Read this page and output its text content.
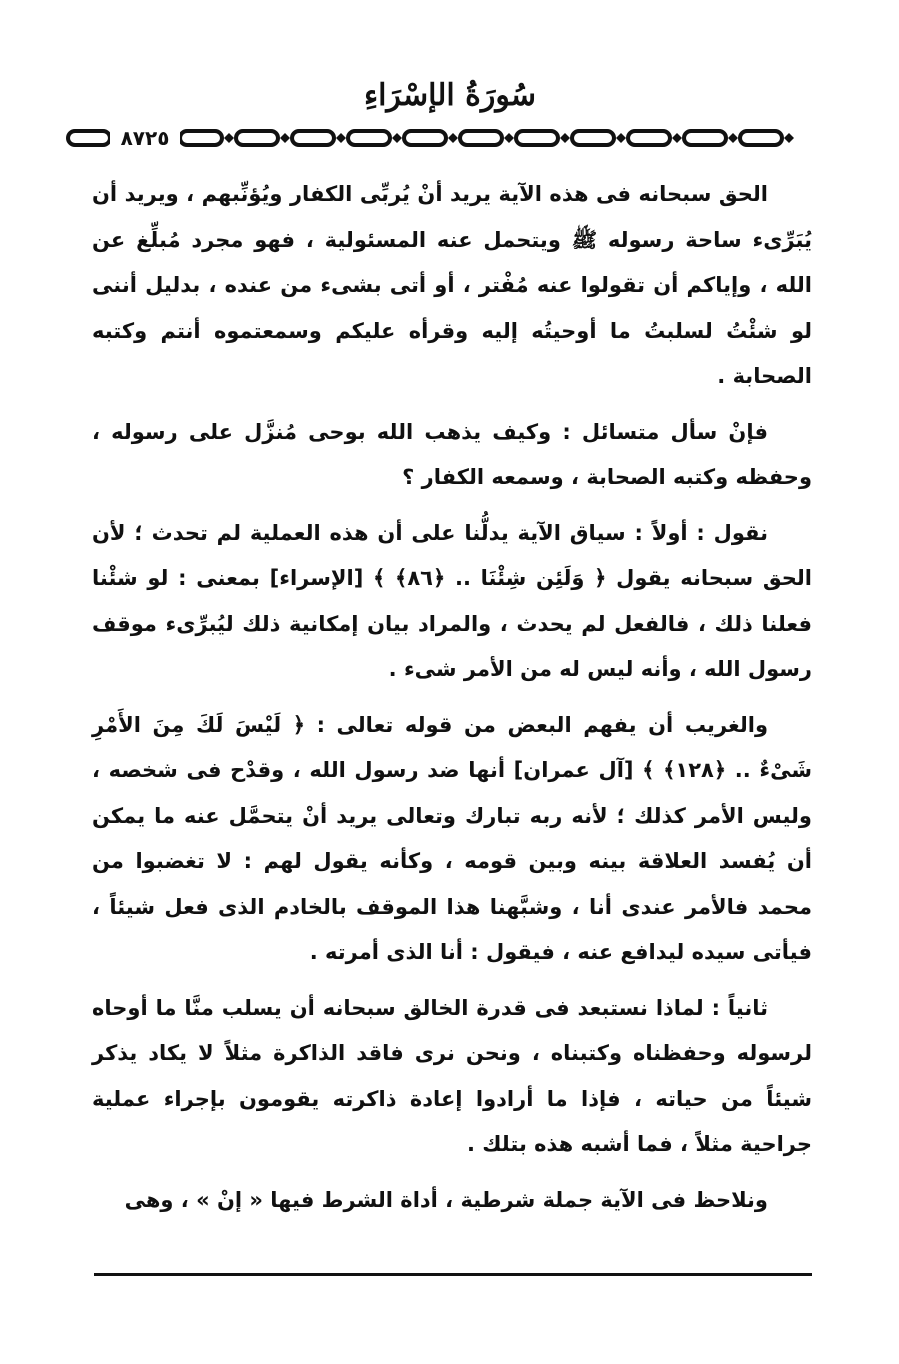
سُورَةُ الإسْرَاءِ
٨٧٢٥

الحق سبحانه فى هذه الآية يريد أنْ يُربِّى الكفار ويُؤنِّبهم ، ويريد أن يُبَرِّىء ساحة رسوله ﷺ ويتحمل عنه المسئولية ، فهو مجرد مُبلِّغ عن الله ، وإياكم أن تقولوا عنه مُفْتر ، أو أتى بشىء من عنده ، بدليل أننى لو شئْتُ لسلبتُ ما أوحيتُه إليه وقرأه عليكم وسمعتموه أنتم وكتبه الصحابة .

فإنْ سأل متسائل : وكيف يذهب الله بوحى مُنزَّل على رسوله ، وحفظه وكتبه الصحابة ، وسمعه الكفار ؟

نقول : أولاً : سياق الآية يدلُّنا على أن هذه العملية لم تحدث ؛ لأن الحق سبحانه يقول ﴿ وَلَئِن شِئْنَا .. ﴿٨٦﴾ ﴾ [الإسراء] بمعنى : لو شئْنا فعلنا ذلك ، فالفعل لم يحدث ، والمراد بيان إمكانية ذلك ليُبرِّىء موقف رسول الله ، وأنه ليس له من الأمر شىء .

والغريب أن يفهم البعض من قوله تعالى : ﴿ لَيْسَ لَكَ مِنَ الأَمْرِ شَىْءٌ .. ﴿١٢٨﴾ ﴾ [آل عمران] أنها ضد رسول الله ، وقدْح فى شخصه ، وليس الأمر كذلك ؛ لأنه ربه تبارك وتعالى يريد أنْ يتحمَّل عنه ما يمكن أن يُفسد العلاقة بينه وبين قومه ، وكأنه يقول لهم : لا تغضبوا من محمد فالأمر عندى أنا ، وشبَّهنا هذا الموقف بالخادم الذى فعل شيئاً ، فيأتى سيده ليدافع عنه ، فيقول : أنا الذى أمرته .

ثانياً : لماذا نستبعد فى قدرة الخالق سبحانه أن يسلب منَّا ما أوحاه لرسوله وحفظناه وكتبناه ، ونحن نرى فاقد الذاكرة مثلاً لا يكاد يذكر شيئاً من حياته ، فإذا ما أرادوا إعادة ذاكرته يقومون بإجراء عملية جراحية مثلاً ، فما أشبه هذه بتلك .

ونلاحظ فى الآية جملة شرطية ، أداة الشرط فيها « إنْ » ، وهى
